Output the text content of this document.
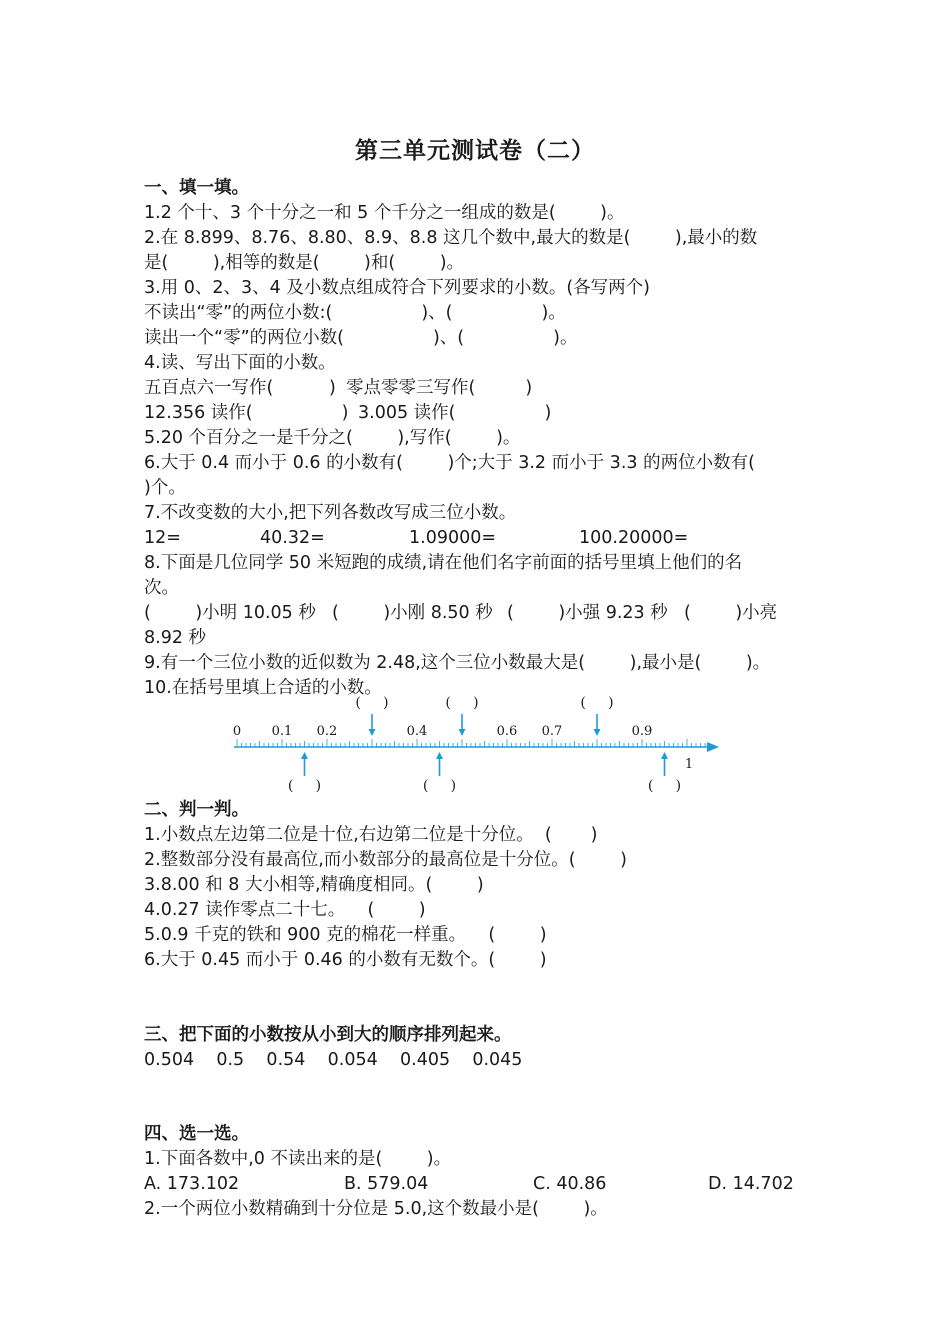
第三单元测试卷（二）
一、填一填。
1.2 个十、3 个十分之一和 5 个千分之一组成的数是(        )。
2.在 8.899、8.76、8.80、8.9、8.8 这几个数中,最大的数是(        ),最小的数
是(        ),相等的数是(        )和(        )。
3.用 0、2、3、4 及小数点组成符合下列要求的小数。(各写两个)
不读出“零”的两位小数:(                )、(                )。
读出一个“零”的两位小数(                )、(                )。
4.读、写出下面的小数。

五百点六一写作(          )

零点零零三写作(         )

12.356 读作(                )

3.005 读作(                )

5.20 个百分之一是千分之(        ),写作(        )。
6.大于 0.4 而小于 0.6 的小数有(        )个;大于 3.2 而小于 3.3 的两位小数有(
)个。
7.不改变数的大小,把下列各数改写成三位小数。

12=

	40.32=

	1.09000=

	100.20000=

8.下面是几位同学 50 米短跑的成绩,请在他们名字前面的括号里填上他们的名
次。

(        )小明 10.05 秒

(        )小刚 8.50 秒

(        )小强 9.23 秒

(        )小亮

8.92 秒
9.有一个三位小数的近似数为 2.48,这个三位小数最大是(        ),最小是(        )。
10.在括号里填上合适的小数。
0 0.1 0.2	0.4	0.6 0.7	0.9
1
(     )	(     )	(     )
(     )	(     )	(     )
二、判一判。
1.小数点左边第二位是十位,右边第二位是十分位。  (       )
2.整数部分没有最高位,而小数部分的最高位是十分位。(        )
3.8.00 和 8 大小相等,精确度相同。(        )
4.0.27 读作零点二十七。    (        )
5.0.9 千克的铁和 900 克的棉花一样重。    (        )
6.大于 0.45 而小于 0.46 的小数有无数个。(        )
三、把下面的小数按从小到大的顺序排列起来。
0.504    0.5    0.54    0.054    0.405    0.045
四、选一选。
1.下面各数中,0 不读出来的是(        )。

A. 173.102

	B. 579.04

	C. 40.86

	D. 14.702

2.一个两位小数精确到十分位是 5.0,这个数最小是(        )。
